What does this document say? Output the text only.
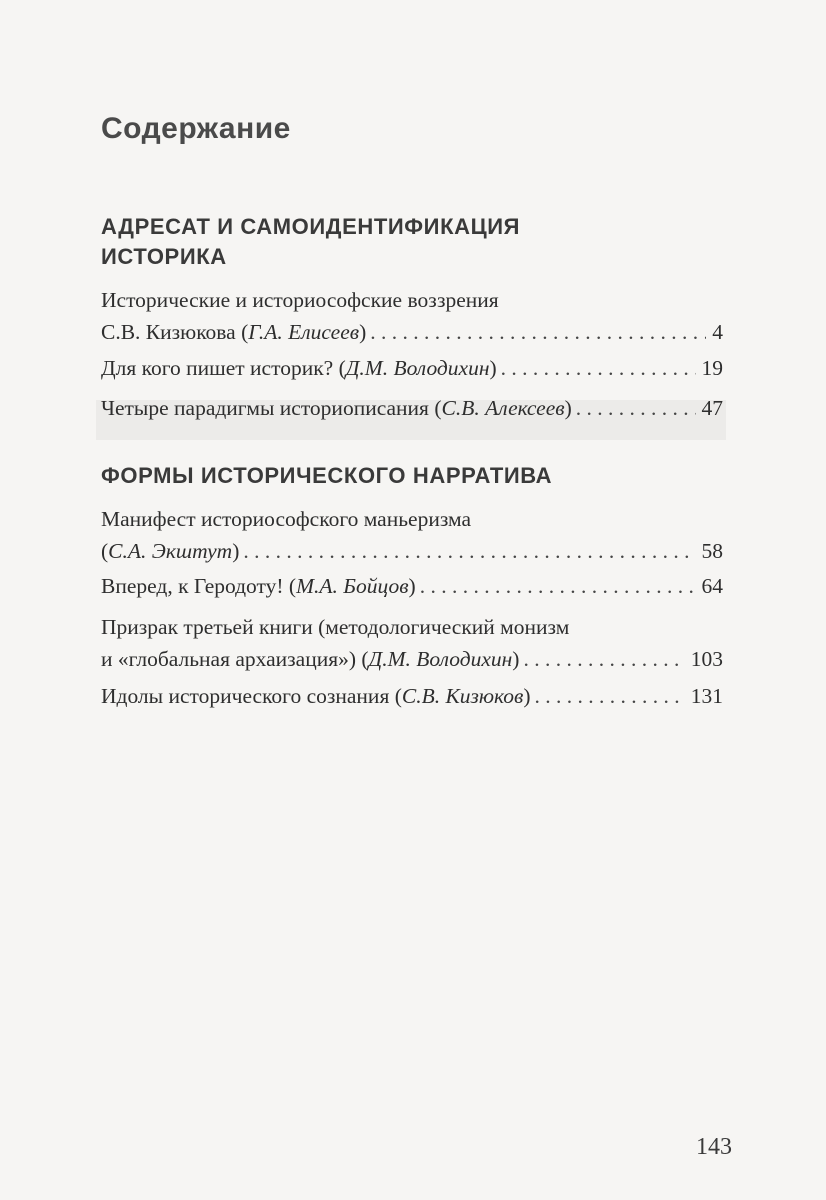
Содержание
АДРЕСАТ И САМОИДЕНТИФИКАЦИЯ
ИСТОРИКА
Исторические и историософские воззрения
С.В. Кизюкова ( Г.А. Елисеев ) . . .	4
Для кого пишет историк? ( Д.М. Володихин ) . . .	19
Четыре парадигмы историописания ( С.В. Алексеев ) . . .	47
ФОРМЫ ИСТОРИЧЕСКОГО НАРРАТИВА
Манифест историософского маньеризма
( С.А. Экштут ) . . .	58
Вперед, к Геродоту! ( М.А. Бойцов ) . . .	64
Призрак третьей книги (методологический монизм
и «глобальная архаизация») ( Д.М. Володихин ) . . .	103
Идолы исторического сознания ( С.В. Кизюков ) . . .	131
143
